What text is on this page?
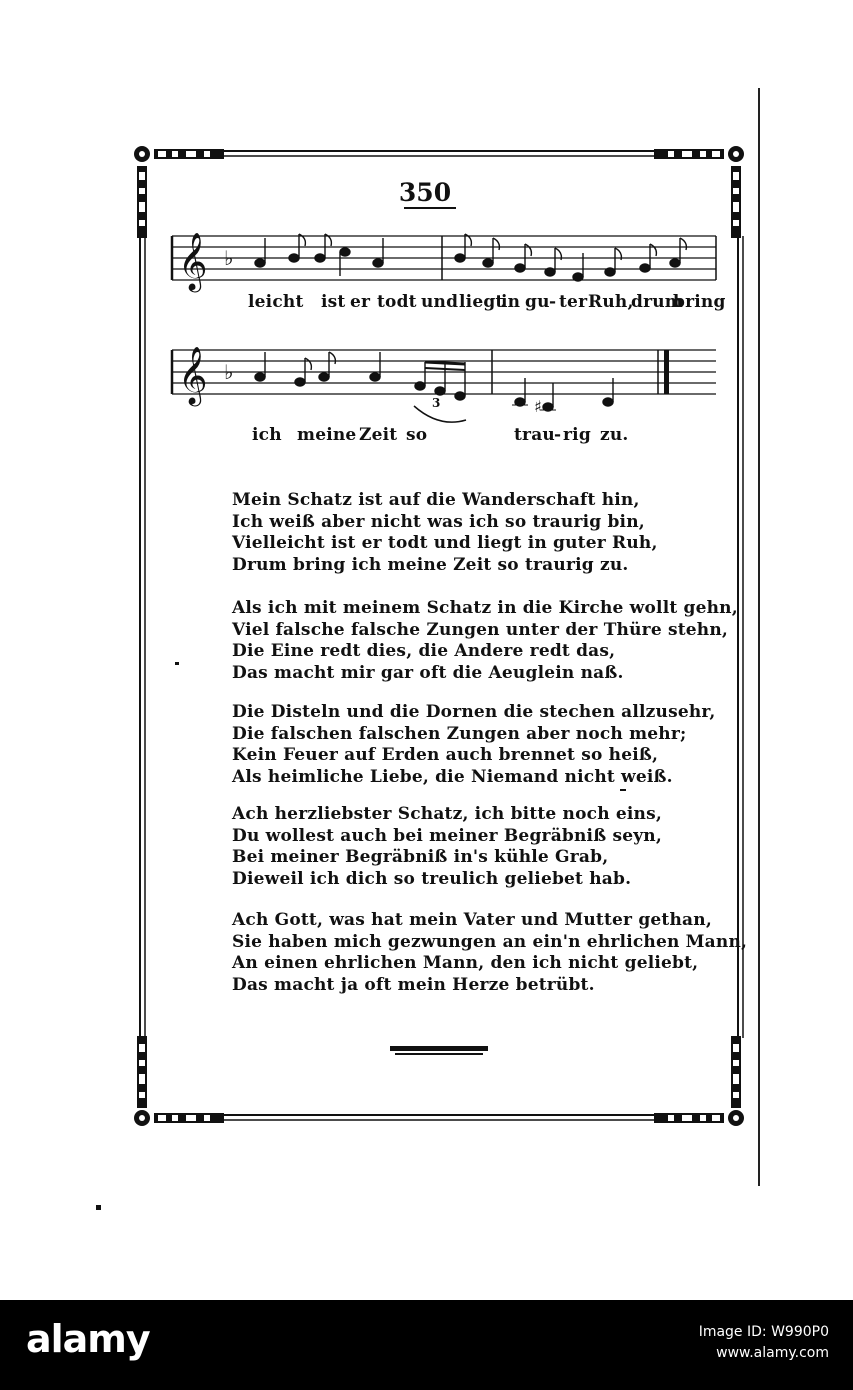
350
𝄞 ♭
leicht ist er todt und liegt
in gu - ter Ruh,
drum
bring
𝄞 ♭
♯
3
ich meine Zeit so	trau - rig zu.
Mein Schatz ist auf die Wanderschaft hin,
Ich weiß aber nicht was ich so traurig bin,
Vielleicht ist er todt und liegt in guter Ruh,
Drum bring ich meine Zeit so traurig zu.
Als ich mit meinem Schatz in die Kirche wollt gehn,
Viel falsche falsche Zungen unter der Thüre stehn,
Die Eine redt dies, die Andere redt das,
Das macht mir gar oft die Aeuglein naß.
Die Disteln und die Dornen die stechen allzusehr,
Die falschen falschen Zungen aber noch mehr;
Kein Feuer auf Erden auch brennet so heiß,
Als heimliche Liebe, die Niemand nicht weiß.
Ach herzliebster Schatz, ich bitte noch eins,
Du wollest auch bei meiner Begräbniß seyn,
Bei meiner Begräbniß in's kühle Grab,
Dieweil ich dich so treulich geliebet hab.
Ach Gott, was hat mein Vater und Mutter gethan,
Sie haben mich gezwungen an ein'n ehrlichen Mann,
An einen ehrlichen Mann, den ich nicht geliebt,
Das macht ja oft mein Herze betrübt.
alamy	Image ID: W990P0
www.alamy.com
